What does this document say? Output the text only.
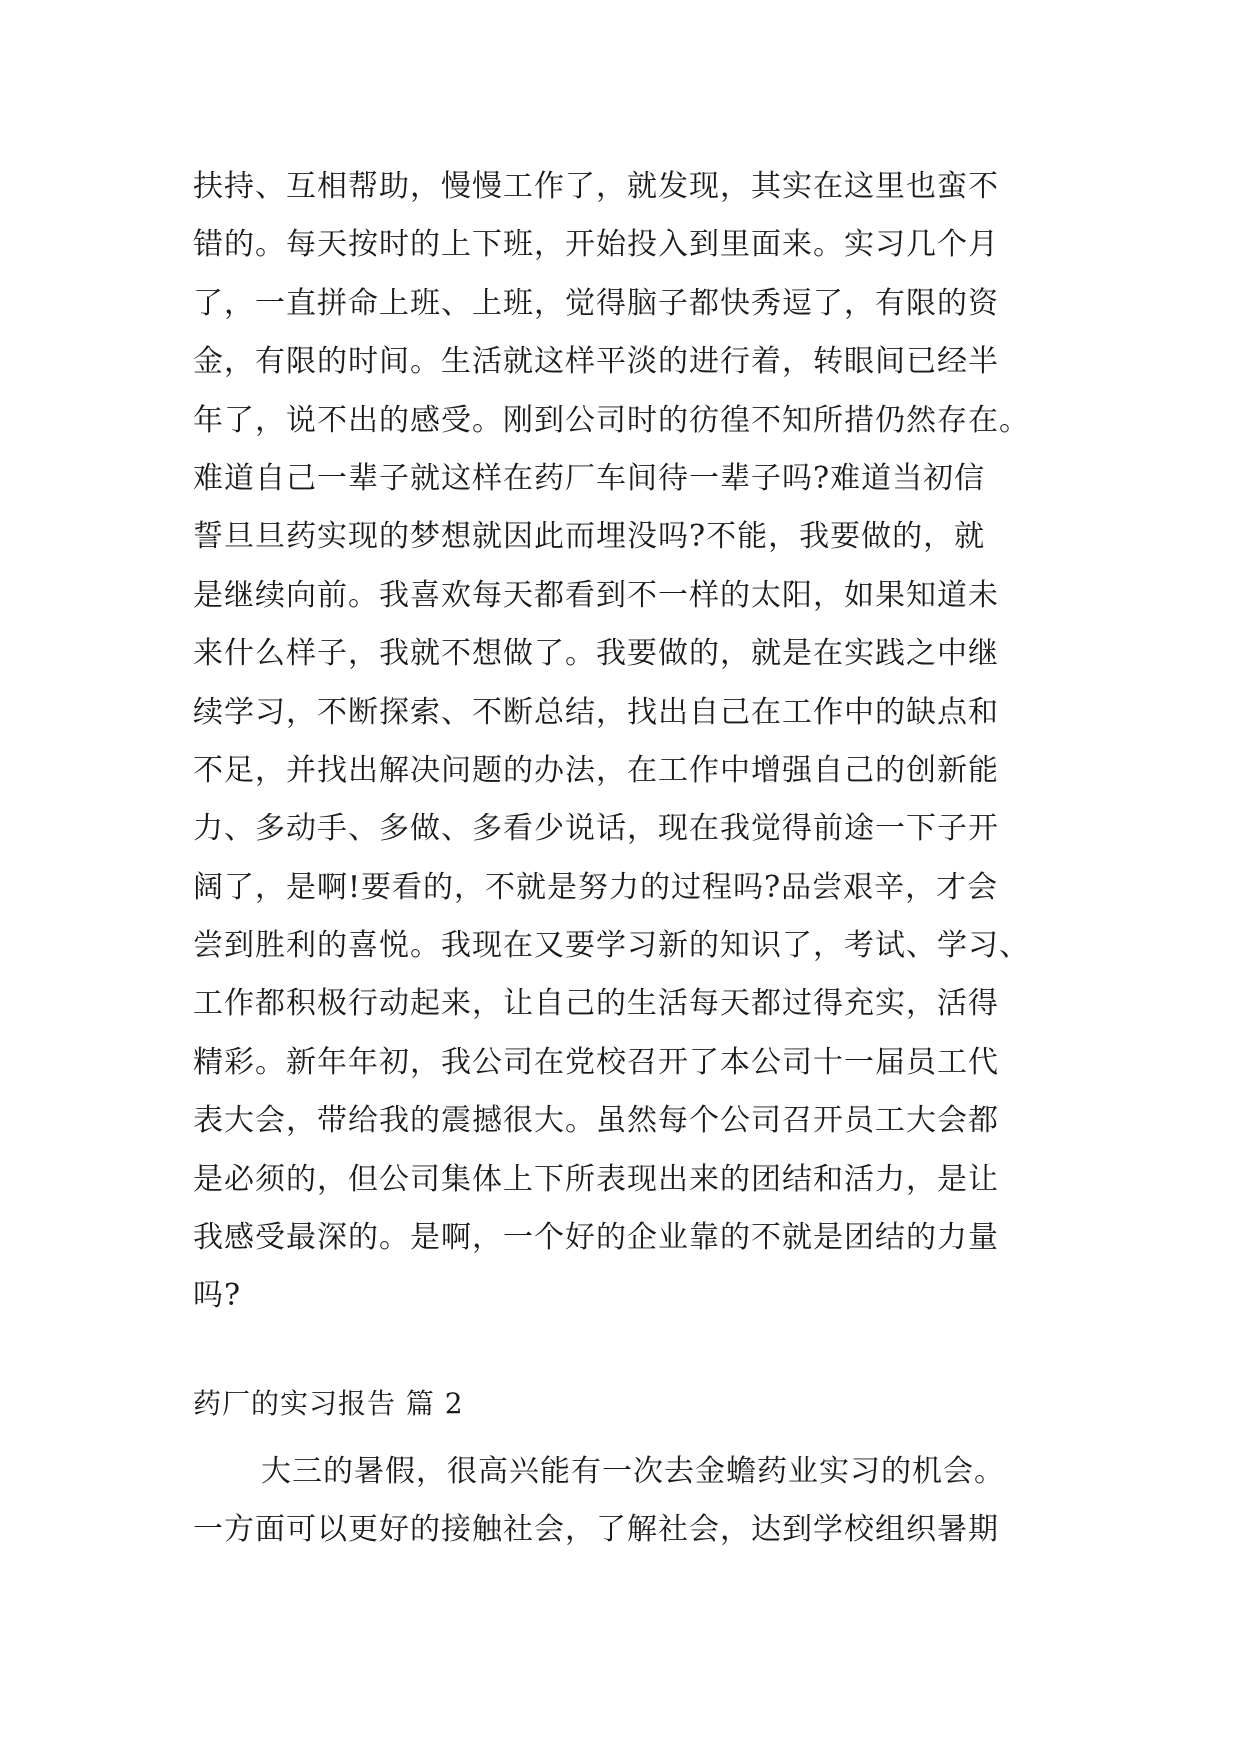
扶持、互相帮助，慢慢工作了，就发现，其实在这里也蛮不
错的。每天按时的上下班，开始投入到里面来。实习几个月
了，一直拼命上班、上班，觉得脑子都快秀逗了，有限的资
金，有限的时间。生活就这样平淡的进行着，转眼间已经半
年了，说不出的感受。刚到公司时的彷徨不知所措仍然存在。
难道自己一辈子就这样在药厂车间待一辈子吗?难道当初信
誓旦旦药实现的梦想就因此而埋没吗?不能，我要做的，就
是继续向前。我喜欢每天都看到不一样的太阳，如果知道未
来什么样子，我就不想做了。我要做的，就是在实践之中继
续学习，不断探索、不断总结，找出自己在工作中的缺点和
不足，并找出解决问题的办法，在工作中增强自己的创新能
力、多动手、多做、多看少说话，现在我觉得前途一下子开
阔了，是啊!要看的，不就是努力的过程吗?品尝艰辛，才会
尝到胜利的喜悦。我现在又要学习新的知识了，考试、学习、
工作都积极行动起来，让自己的生活每天都过得充实，活得
精彩。新年年初，我公司在党校召开了本公司十一届员工代
表大会，带给我的震撼很大。虽然每个公司召开员工大会都
是必须的，但公司集体上下所表现出来的团结和活力，是让
我感受最深的。是啊，一个好的企业靠的不就是团结的力量
吗?
药厂的实习报告 篇 2
大三的暑假，很高兴能有一次去金蟾药业实习的机会。
一方面可以更好的接触社会，了解社会，达到学校组织暑期
